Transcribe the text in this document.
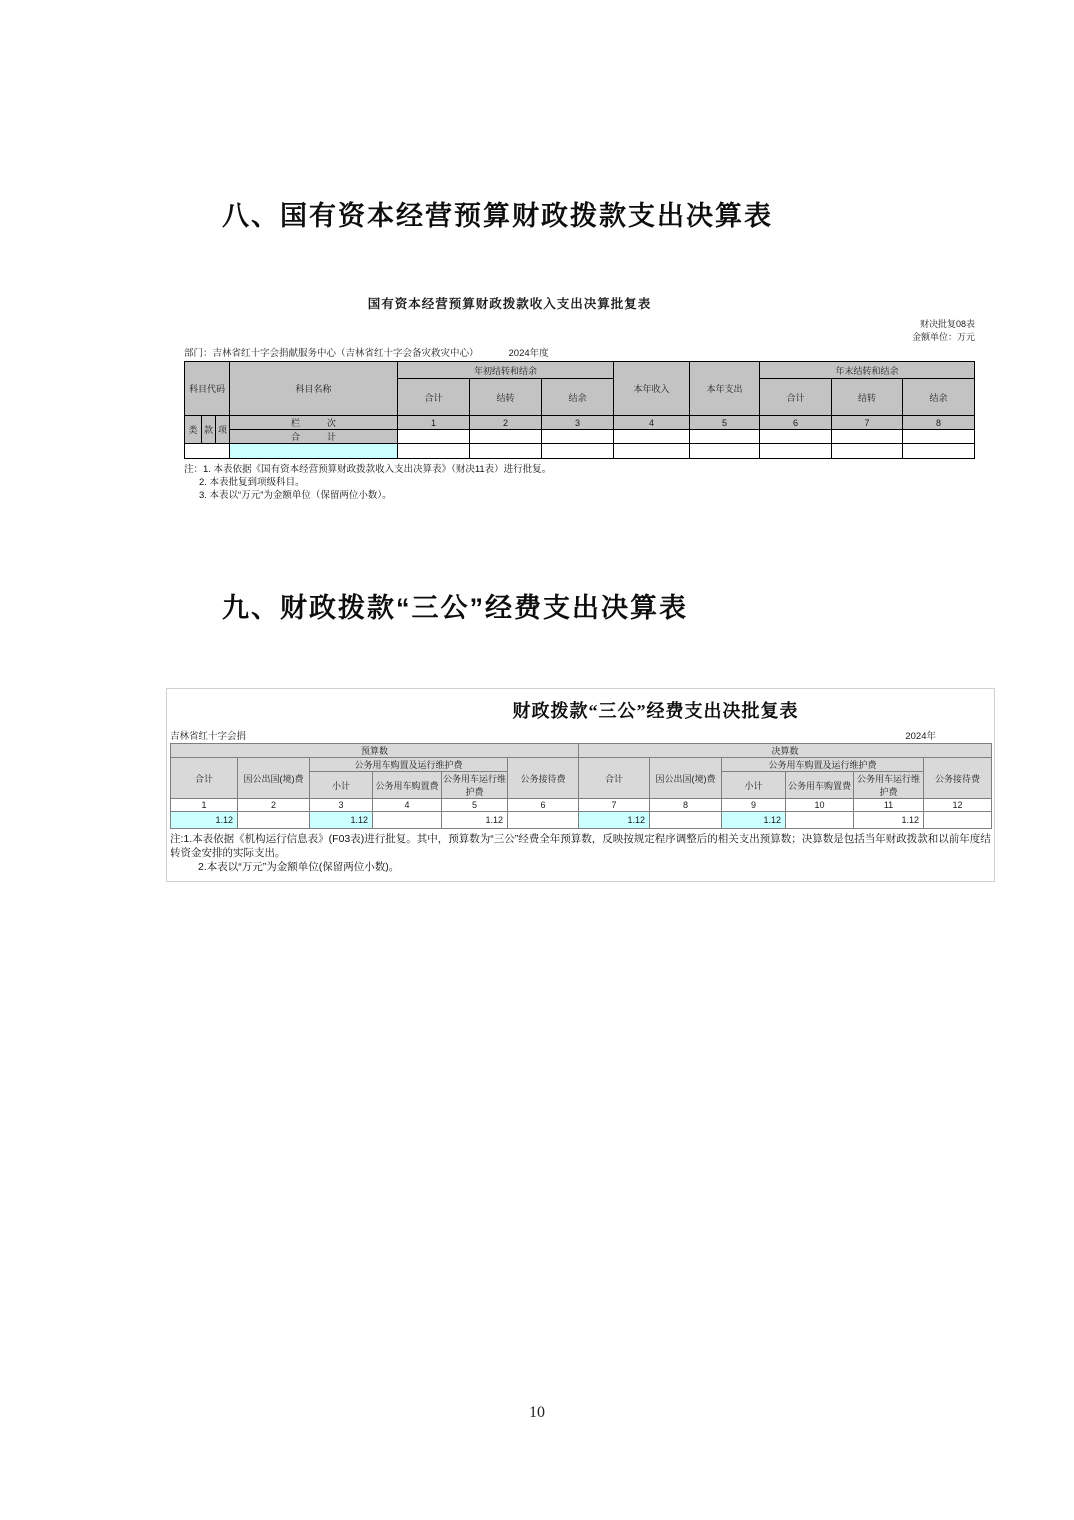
八、国有资本经营预算财政拨款支出决算表
国有资本经营预算财政拨款收入支出决算批复表
财决批复08表
金额单位：万元
部门：吉林省红十字会捐献服务中心（吉林省红十字会备灾救灾中心）	2024年度
科目代码			科目名称	年初结转和结余			本年收入	本年支出	年末结转和结余		
				合计	结转	结余			合计	结转	结余
类	款	项	栏　　　次	1	2	3	4	5	6	7	8
			合　　　计								

注：1. 本表依据《国有资本经营预算财政拨款收入支出决算表》（财决11表）进行批复。
2. 本表批复到项级科目。
3. 本表以“万元”为金额单位（保留两位小数）。
九、财政拨款“三公”经费支出决算表
财政拨款“三公”经费支出决批复表
吉林省红十字会捐	2024年
预算数						决算数					
合计	因公出国(境)费	公务用车购置及运行维护费			公务接待费	合计	因公出国(境)费	公务用车购置及运行维护费			公务接待费
		小计	公务用车购置费	公务用车运行维护费				小计	公务用车购置费	公务用车运行维护费	
1	2	3	4	5	6	7	8	9	10	11	12
1.12		1.12		1.12		1.12		1.12		1.12	
注:1.本表依据《机构运行信息表》(F03表)进行批复。其中，预算数为“三公”经费全年预算数，反映按规定程序调整后的相关支出预算数；决算数是包括当年财政拨款和以前年度结转资金安排的实际支出。
2.本表以“万元”为金额单位(保留两位小数)。
10
